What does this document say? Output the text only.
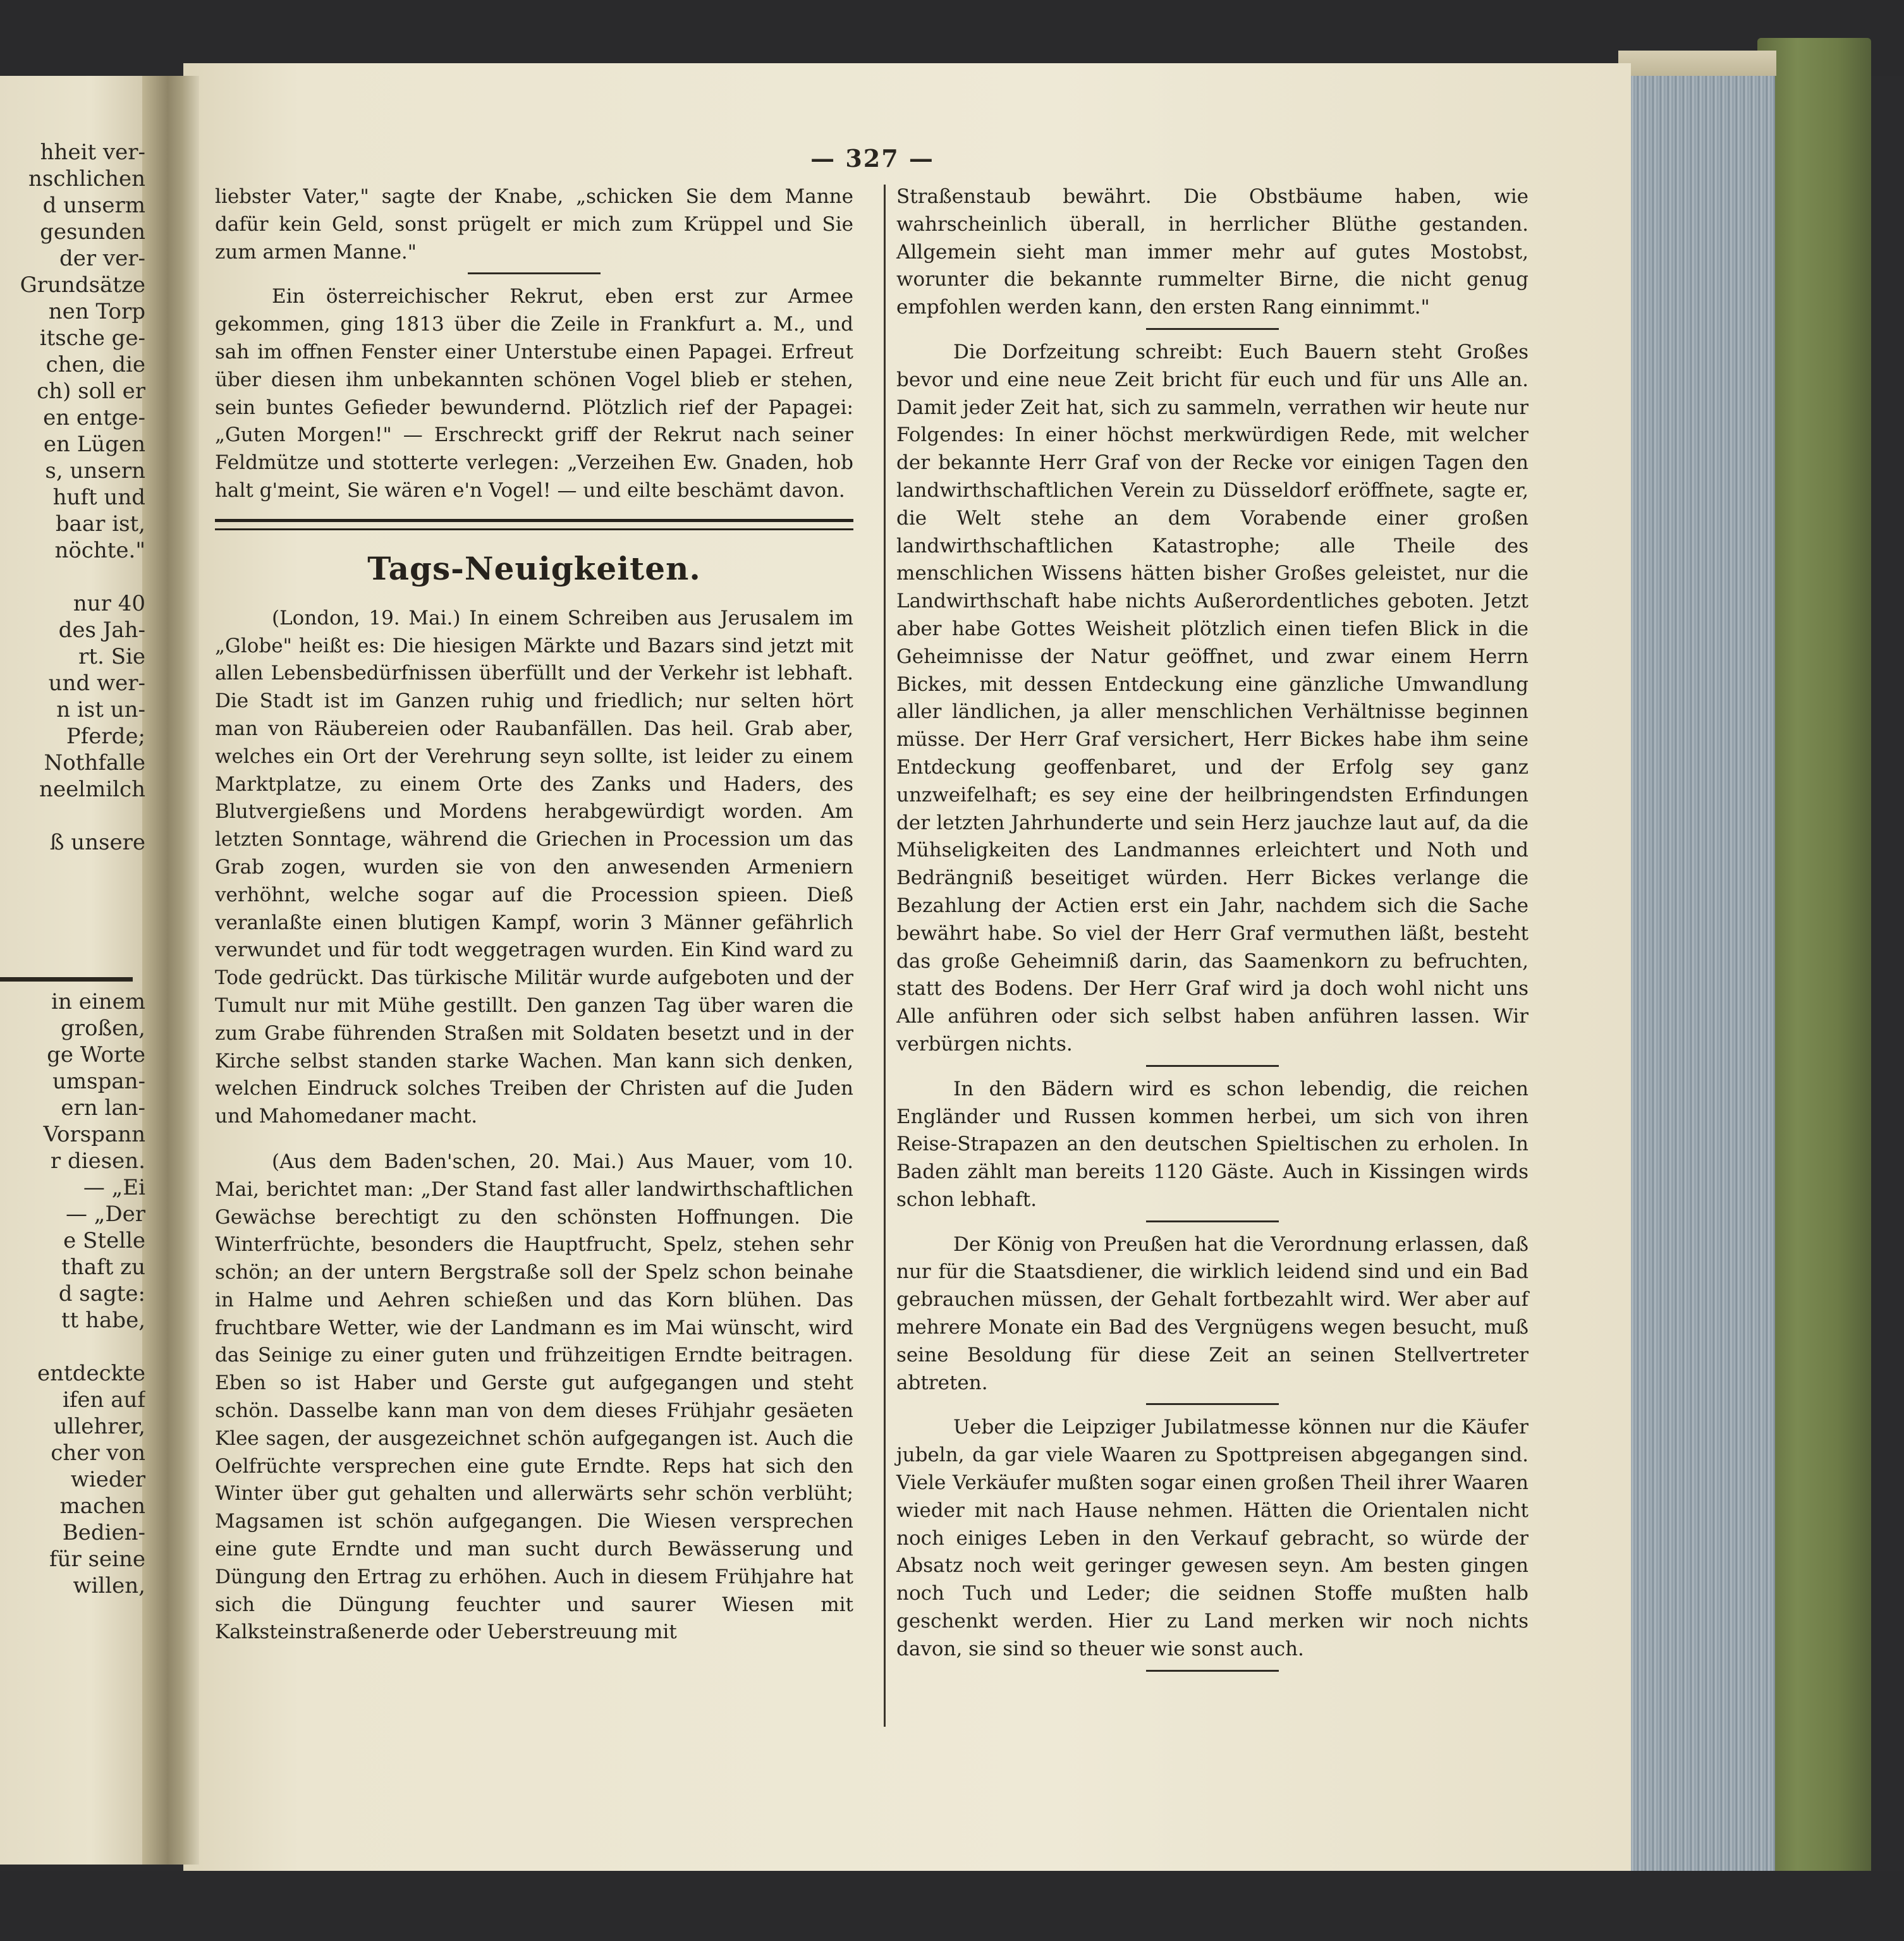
hheit ver-
nschlichen
d unserm
gesunden
der ver-
Grundsätze
nen Torp
itsche ge-
chen, die
ch) soll er
en entge-
en Lügen
s, unsern
huft und
baar ist,
nöchte."
nur 40
des Jah-
rt. Sie
und wer-
n ist un-
Pferde;
Nothfalle
neelmilch
ß unsere
in einem
großen,
ge Worte
umspan-
ern lan-
Vorspann
r diesen.
— „Ei
— „Der
e Stelle
thaft zu
d sagte:
tt habe,
entdeckte
ifen auf
ullehrer,
cher von
wieder
machen
Bedien-
für seine
willen,
— 327 —

liebster Vater," sagte der Knabe, „schicken Sie dem Manne dafür kein Geld, sonst prügelt er mich zum Krüppel und Sie zum armen Manne."

Ein österreichischer Rekrut, eben erst zur Armee gekommen, ging 1813 über die Zeile in Frankfurt a. M., und sah im offnen Fenster einer Unterstube einen Papagei. Erfreut über diesen ihm unbekannten schönen Vogel blieb er stehen, sein buntes Gefieder bewundernd. Plötzlich rief der Papagei: „Guten Morgen!" — Erschreckt griff der Rekrut nach seiner Feldmütze und stotterte verlegen: „Verzeihen Ew. Gnaden, hob halt g'meint, Sie wären e'n Vogel! — und eilte beschämt davon.

Tags-Neuigkeiten.

(London, 19. Mai.) In einem Schreiben aus Jerusalem im „Globe" heißt es: Die hiesigen Märkte und Bazars sind jetzt mit allen Lebensbedürfnissen überfüllt und der Verkehr ist lebhaft. Die Stadt ist im Ganzen ruhig und friedlich; nur selten hört man von Räubereien oder Raubanfällen. Das heil. Grab aber, welches ein Ort der Verehrung seyn sollte, ist leider zu einem Marktplatze, zu einem Orte des Zanks und Haders, des Blutvergießens und Mordens herabgewürdigt worden. Am letzten Sonntage, während die Griechen in Procession um das Grab zogen, wurden sie von den anwesenden Armeniern verhöhnt, welche sogar auf die Procession spieen. Dieß veranlaßte einen blutigen Kampf, worin 3 Männer gefährlich verwundet und für todt weggetragen wurden. Ein Kind ward zu Tode gedrückt. Das türkische Militär wurde aufgeboten und der Tumult nur mit Mühe gestillt. Den ganzen Tag über waren die zum Grabe führenden Straßen mit Soldaten besetzt und in der Kirche selbst standen starke Wachen. Man kann sich denken, welchen Eindruck solches Treiben der Christen auf die Juden und Mahomedaner macht.

(Aus dem Baden'schen, 20. Mai.) Aus Mauer, vom 10. Mai, berichtet man: „Der Stand fast aller landwirthschaftlichen Gewächse berechtigt zu den schönsten Hoffnungen. Die Winterfrüchte, besonders die Hauptfrucht, Spelz, stehen sehr schön; an der untern Bergstraße soll der Spelz schon beinahe in Halme und Aehren schießen und das Korn blühen. Das fruchtbare Wetter, wie der Landmann es im Mai wünscht, wird das Seinige zu einer guten und frühzeitigen Erndte beitragen. Eben so ist Haber und Gerste gut aufgegangen und steht schön. Dasselbe kann man von dem dieses Frühjahr gesäeten Klee sagen, der ausgezeichnet schön aufgegangen ist. Auch die Oelfrüchte versprechen eine gute Erndte. Reps hat sich den Winter über gut gehalten und allerwärts sehr schön verblüht; Magsamen ist schön aufgegangen. Die Wiesen versprechen eine gute Erndte und man sucht durch Bewässerung und Düngung den Ertrag zu erhöhen. Auch in diesem Frühjahre hat sich die Düngung feuchter und saurer Wiesen mit Kalksteinstraßenerde oder Ueberstreuung mit

Straßenstaub bewährt. Die Obstbäume haben, wie wahrscheinlich überall, in herrlicher Blüthe gestanden. Allgemein sieht man immer mehr auf gutes Mostobst, worunter die bekannte rummelter Birne, die nicht genug empfohlen werden kann, den ersten Rang einnimmt."

Die Dorfzeitung schreibt: Euch Bauern steht Großes bevor und eine neue Zeit bricht für euch und für uns Alle an. Damit jeder Zeit hat, sich zu sammeln, verrathen wir heute nur Folgendes: In einer höchst merkwürdigen Rede, mit welcher der bekannte Herr Graf von der Recke vor einigen Tagen den landwirthschaftlichen Verein zu Düsseldorf eröffnete, sagte er, die Welt stehe an dem Vorabende einer großen landwirthschaftlichen Katastrophe; alle Theile des menschlichen Wissens hätten bisher Großes geleistet, nur die Landwirthschaft habe nichts Außerordentliches geboten. Jetzt aber habe Gottes Weisheit plötzlich einen tiefen Blick in die Geheimnisse der Natur geöffnet, und zwar einem Herrn Bickes, mit dessen Entdeckung eine gänzliche Umwandlung aller ländlichen, ja aller menschlichen Verhältnisse beginnen müsse. Der Herr Graf versichert, Herr Bickes habe ihm seine Entdeckung geoffenbaret, und der Erfolg sey ganz unzweifelhaft; es sey eine der heilbringendsten Erfindungen der letzten Jahrhunderte und sein Herz jauchze laut auf, da die Mühseligkeiten des Landmannes erleichtert und Noth und Bedrängniß beseitiget würden. Herr Bickes verlange die Bezahlung der Actien erst ein Jahr, nachdem sich die Sache bewährt habe. So viel der Herr Graf vermuthen läßt, besteht das große Geheimniß darin, das Saamenkorn zu befruchten, statt des Bodens. Der Herr Graf wird ja doch wohl nicht uns Alle anführen oder sich selbst haben anführen lassen. Wir verbürgen nichts.

In den Bädern wird es schon lebendig, die reichen Engländer und Russen kommen herbei, um sich von ihren Reise-Strapazen an den deutschen Spieltischen zu erholen. In Baden zählt man bereits 1120 Gäste. Auch in Kissingen wirds schon lebhaft.

Der König von Preußen hat die Verordnung erlassen, daß nur für die Staatsdiener, die wirklich leidend sind und ein Bad gebrauchen müssen, der Gehalt fortbezahlt wird. Wer aber auf mehrere Monate ein Bad des Vergnügens wegen besucht, muß seine Besoldung für diese Zeit an seinen Stellvertreter abtreten.

Ueber die Leipziger Jubilatmesse können nur die Käufer jubeln, da gar viele Waaren zu Spottpreisen abgegangen sind. Viele Verkäufer mußten sogar einen großen Theil ihrer Waaren wieder mit nach Hause nehmen. Hätten die Orientalen nicht noch einiges Leben in den Verkauf gebracht, so würde der Absatz noch weit geringer gewesen seyn. Am besten gingen noch Tuch und Leder; die seidnen Stoffe mußten halb geschenkt werden. Hier zu Land merken wir noch nichts davon, sie sind so theuer wie sonst auch.
